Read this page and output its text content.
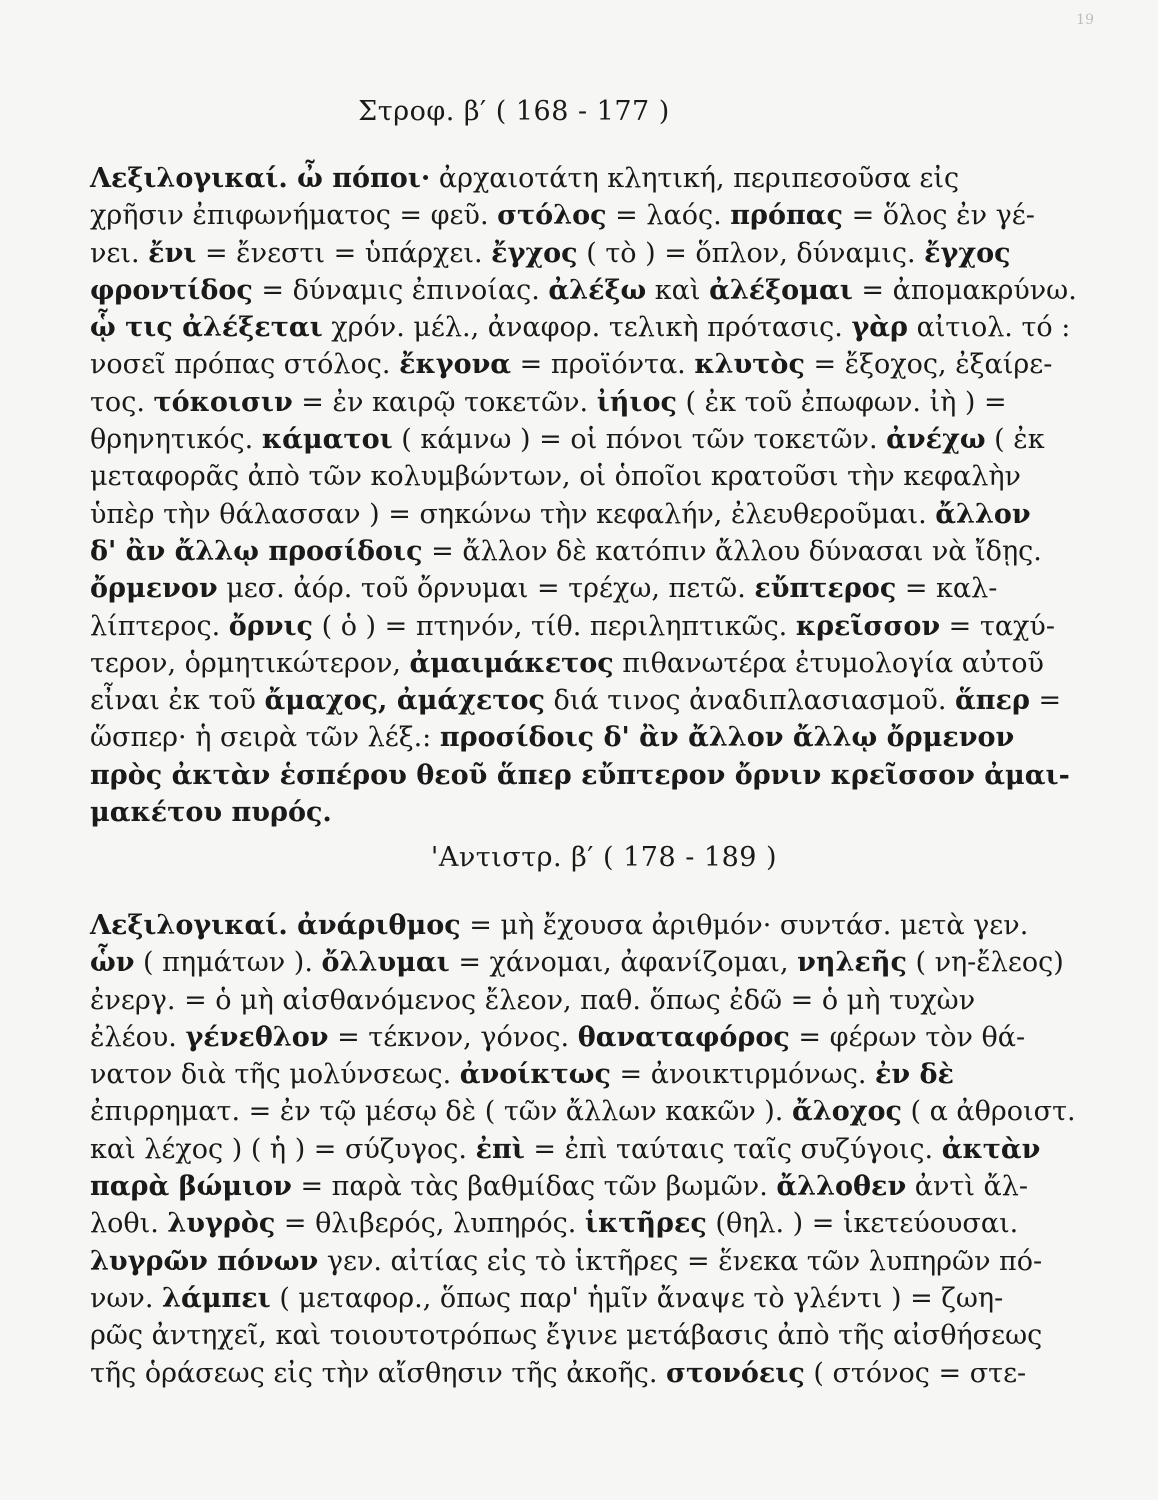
19
Στροφ. β′ ( 168 - 177 )
Λεξιλογικαί. ὦ πόποι· ἀρχαιοτάτη κλητική, περιπεσοῦσα εἰς
χρῆσιν ἐπιφωνήματος = φεῦ. στόλος = λαός. πρόπας = ὅλος ἐν γέ-
νει. ἔνι = ἔνεστι = ὑπάρχει. ἔγχος ( τὸ ) = ὅπλον, δύναμις. ἔγχος
φροντίδος = δύναμις ἐπινοίας. ἀλέξω καὶ ἀλέξομαι = ἀπομακρύνω.
ᾧ τις ἀλέξεται χρόν. μέλ., ἀναφορ. τελικὴ πρότασις. γὰρ αἰτιολ. τό :
νοσεῖ πρόπας στόλος. ἔκγονα = προϊόντα. κλυτὸς = ἔξοχος, ἐξαίρε-
τος. τόκοισιν = ἐν καιρῷ τοκετῶν. ἰήιος ( ἐκ τοῦ ἐπωφων. ἰὴ ) =
θρηνητικός. κάματοι ( κάμνω ) = οἱ πόνοι τῶν τοκετῶν. ἀνέχω ( ἐκ
μεταφορᾶς ἀπὸ τῶν κολυμβώντων, οἱ ὁποῖοι κρατοῦσι τὴν κεφαλὴν
ὑπὲρ τὴν θάλασσαν ) = σηκώνω τὴν κεφαλήν, ἐλευθεροῦμαι. ἄλλον
δ' ἂν ἄλλῳ προσίδοις = ἄλλον δὲ κατόπιν ἄλλου δύνασαι νὰ ἴδῃς.
ὄρμενον μεσ. ἀόρ. τοῦ ὄρνυμαι = τρέχω, πετῶ. εὔπτερος = καλ-
λίπτερος. ὄρνις ( ὁ ) = πτηνόν, τίθ. περιληπτικῶς. κρεῖσσον = ταχύ-
τερον, ὁρμητικώτερον, ἀμαιμάκετος πιθανωτέρα ἐτυμολογία αὐτοῦ
εἶναι ἐκ τοῦ ἄμαχος, ἀμάχετος διά τινος ἀναδιπλασιασμοῦ. ἅπερ =
ὥσπερ· ἡ σειρὰ τῶν λέξ.: προσίδοις δ' ἂν ἄλλον ἄλλῳ ὄρμενον
πρὸς ἀκτὰν ἑσπέρου θεοῦ ἅπερ εὔπτερον ὄρνιν κρεῖσσον ἀμαι-
μακέτου πυρός.
'Αντιστρ. β′ ( 178 - 189 )
Λεξιλογικαί. ἀνάριθμος = μὴ ἔχουσα ἀριθμόν· συντάσ. μετὰ γεν.
ὧν ( πημάτων ). ὄλλυμαι = χάνομαι, ἀφανίζομαι, νηλεῆς ( νη-ἔλεος)
ἐνεργ. = ὁ μὴ αἰσθανόμενος ἔλεον, παθ. ὅπως ἐδῶ = ὁ μὴ τυχὼν
ἐλέου. γένεθλον = τέκνον, γόνος. θαναταφόρος = φέρων τὸν θά-
νατον διὰ τῆς μολύνσεως. ἀνοίκτως = ἀνοικτιρμόνως. ἐν δὲ
ἐπιρρηματ. = ἐν τῷ μέσῳ δὲ ( τῶν ἄλλων κακῶν ). ἄλοχος ( α ἀθροιστ.
καὶ λέχος ) ( ἡ ) = σύζυγος. ἐπὶ = ἐπὶ ταύταις ταῖς συζύγοις. ἀκτὰν
παρὰ βώμιον = παρὰ τὰς βαθμίδας τῶν βωμῶν. ἄλλοθεν ἀντὶ ἄλ-
λοθι. λυγρὸς = θλιβερός, λυπηρός. ἱκτῆρες (θηλ. ) = ἱκετεύουσαι.
λυγρῶν πόνων γεν. αἰτίας εἰς τὸ ἱκτῆρες = ἕνεκα τῶν λυπηρῶν πό-
νων. λάμπει ( μεταφορ., ὅπως παρ' ἡμῖν ἄναψε τὸ γλέντι ) = ζωη-
ρῶς ἀντηχεῖ, καὶ τοιουτοτρόπως ἔγινε μετάβασις ἀπὸ τῆς αἰσθήσεως
τῆς ὁράσεως εἰς τὴν αἴσθησιν τῆς ἀκοῆς. στονόεις ( στόνος = στε-
